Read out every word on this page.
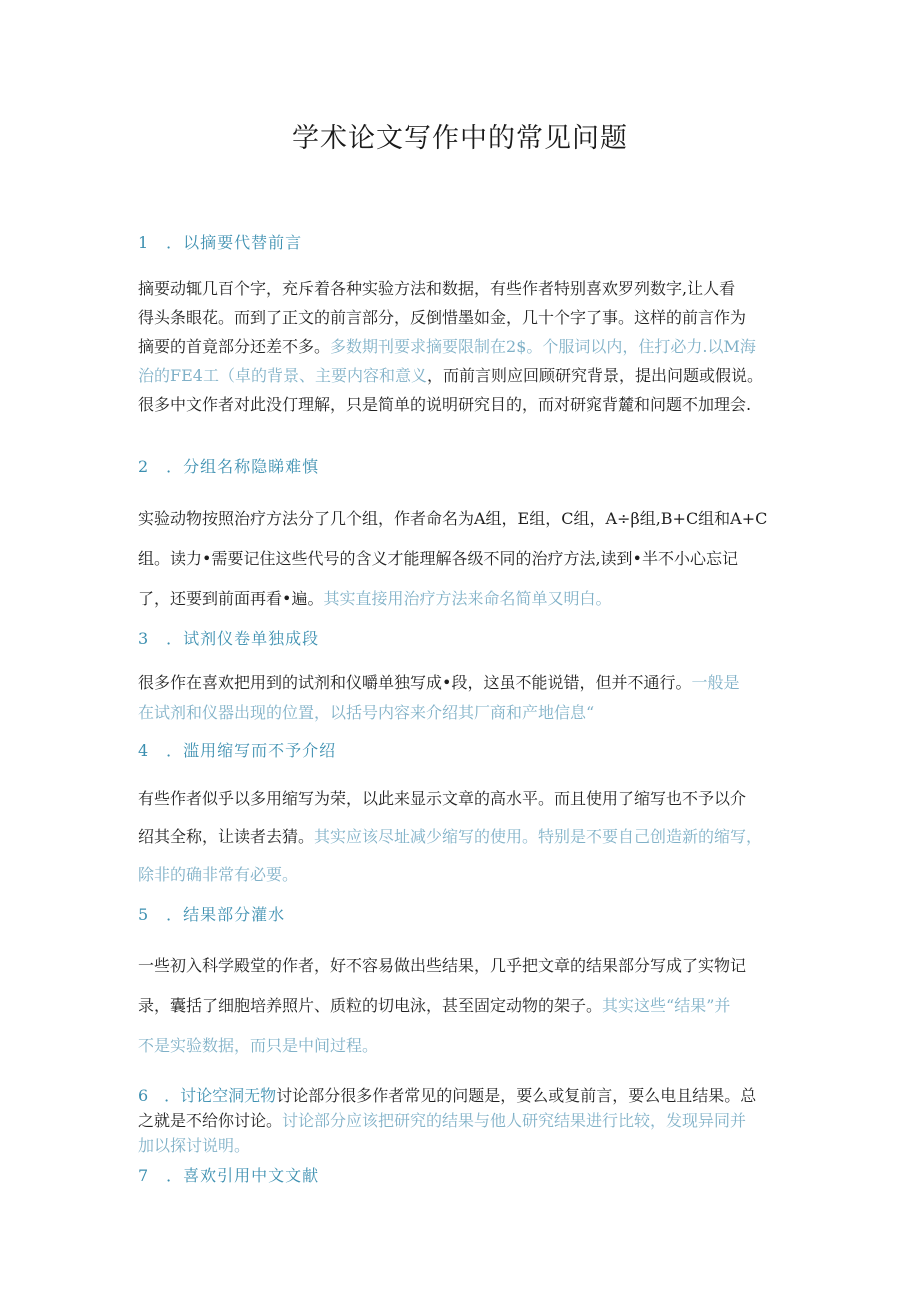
学术论文写作中的常见问题
1　．以摘要代替前言
摘要动辄几百个字，充斥着各种实验方法和数据，有些作者特别喜欢罗列数字,让人看
得头条眼花。而到了正文的前言部分，反倒惜墨如金，几十个字了事。这样的前言作为
摘要的首竟部分还差不多。多数期刊要求摘要限制在2$。个服词以内，住打必力.以M海
治的FE4工（卓的背景、主要内容和意义，而前言则应回顾研究背景，提出问题或假说。
很多中文作者对此没仃理解，只是简单的说明研究目的，而对研窕背麓和问题不加理会.
2　．分组名称隐睇难慎
实验动物按照治疗方法分了几个组，作者命名为A组，E组，C组，A÷β组,B+C组和A+C
组。读力•需要记住这些代号的含义才能理解各级不同的治疗方法,读到•半不小心忘记
了，还要到前面再看•遍。其实直接用治疗方法来命名简单又明白。
3　．试剂仪卷单独成段
很多作在喜欢把用到的试剂和仪嚼单独写成•段，这虽不能说错，但并不通行。一般是
在试剂和仪器出现的位置，以括号内容来介绍其厂商和产地信息“
4　．滥用缩写而不予介绍
有些作者似乎以多用缩写为荣，以此来显示文章的高水平。而且使用了缩写也不予以介
绍其全称，让读者去猜。其实应该尽址减少缩写的使用。特别是不要自己创造新的缩写，
除非的确非常有必要。
5　．结果部分灌水
一些初入科学殿堂的作者，好不容易做出些结果，几乎把文章的结果部分写成了实物记
录，囊括了细胞培养照片、质粒的切电泳，甚至固定动物的架子。其实这些“结果”并
不是实验数据，而只是中间过程。
6　．讨论空洞无物讨论部分很多作者常见的问题是，要么或复前言，要么电且结果。总
之就是不给你讨论。讨论部分应该把研究的结果与他人研究结果进行比较，发现异同并
加以探讨说明。
7　．喜欢引用中文文献
